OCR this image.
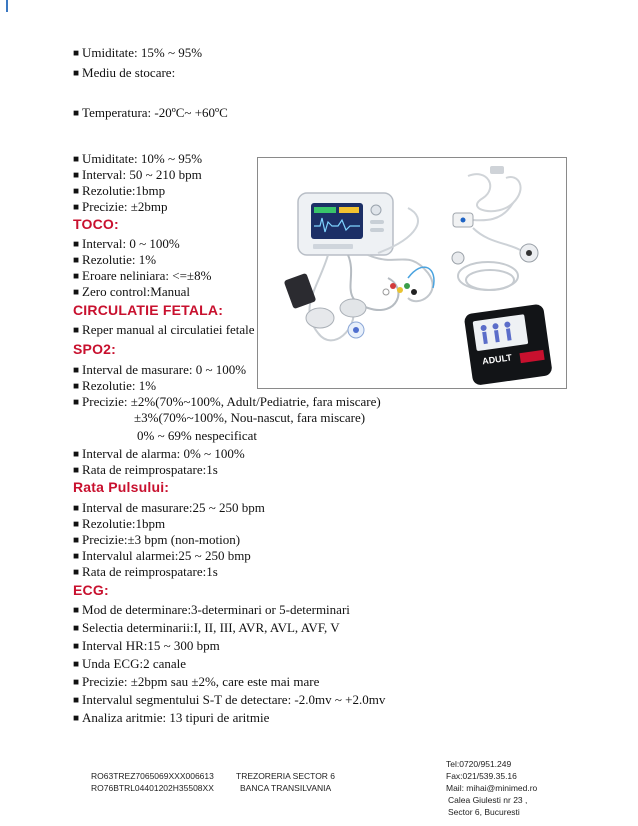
■ Umiditate: 15% ~ 95%
■ Mediu de stocare:
■ Temperatura: -20ºC~ +60ºC
■ Umiditate: 10% ~ 95%
■ Interval: 50 ~ 210 bpm
■ Rezolutie:1bmp
■ Precizie: ±2bmp
TOCO:
■ Interval: 0 ~ 100%
■ Rezolutie: 1%
■ Eroare neliniara: <=±8%
■ Zero control:Manual
CIRCULATIE FETALA:
■ Reper manual al circulatiei fetale
SPO2:
■ Interval de masurare: 0 ~ 100%
■ Rezolutie: 1%
■ Precizie: ±2%(70%~100%, Adult/Pediatrie, fara miscare)
±3%(70%~100%, Nou-nascut, fara miscare)
0% ~ 69% nespecificat
■ Interval de alarma: 0% ~ 100%
■ Rata de reimprospatare:1s
Rata Pulsului:
■ Interval de masurare:25 ~ 250 bpm
■ Rezolutie:1bpm
■ Precizie:±3 bpm (non-motion)
■ Intervalul alarmei:25 ~ 250 bmp
■ Rata de reimprospatare:1s
ECG:
■ Mod de determinare:3-determinari or 5-determinari
■ Selectia determinarii:I, II, III, AVR, AVL, AVF, V
■ Interval HR:15 ~ 300 bpm
■ Unda ECG:2 canale
■ Precizie: ±2bpm sau ±2%, care este mai mare
■ Intervalul segmentului S-T de detectare: -2.0mv ~ +2.0mv
■ Analiza aritmie: 13 tipuri de aritmie
ADULT
RO63TREZ7065069XXX006613	TREZORERIA SECTOR 6
RO76BTRL04401202H35508XX	BANCA TRANSILVANIA
Tel:0720/951.249
Fax:021/539.35.16
Mail: mihai@minimed.ro
Calea Giulesti nr 23 ,
Sector 6, Bucuresti
